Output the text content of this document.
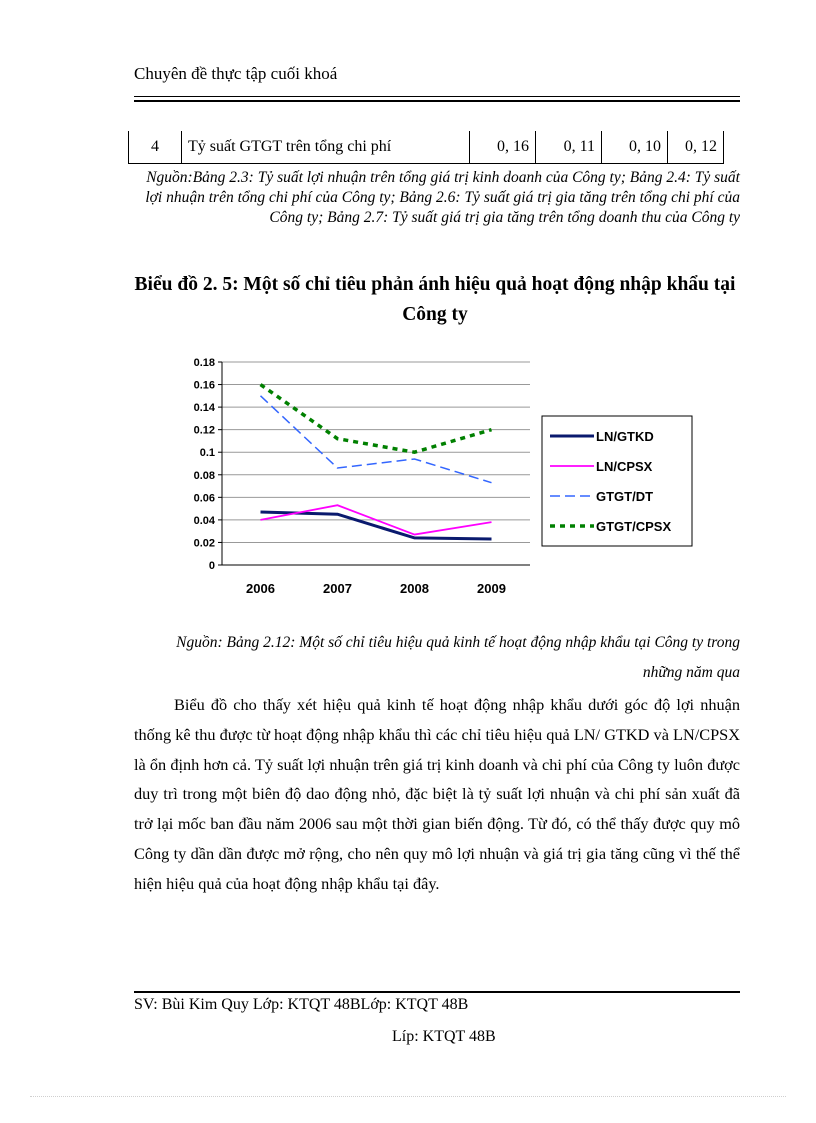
Chuyên đề thực tập cuối khoá
4	Tỷ suất GTGT trên tổng chi phí	0, 16	0, 11	0, 10	0, 12
Nguồn:Bảng 2.3: Tỷ suất lợi nhuận trên tổng giá trị kinh doanh của Công ty; Bảng 2.4: Tỷ suất lợi nhuận trên tổng chi phí của Công ty; Bảng 2.6: Tỷ suất giá trị gia tăng trên tổng chi phí của Công ty; Bảng 2.7: Tỷ suất giá trị gia tăng trên tổng doanh thu của Công ty
Biểu đồ 2. 5: Một số chỉ tiêu phản ánh hiệu quả hoạt động nhập khẩu tại Công ty
0
0.02
0.04
0.06
0.08
0.1
0.12
0.14
0.16
0.18
2006	2007	2008	2009
LN/GTKD
LN/CPSX
GTGT/DT
GTGT/CPSX
Nguồn: Bảng 2.12: Một số chỉ tiêu hiệu quả kinh tế hoạt động nhập khẩu tại Công ty trong những năm qua

Biểu đồ cho thấy xét hiệu quả kinh tế hoạt động nhập khẩu dưới góc độ lợi nhuận thống kê thu được từ hoạt động nhập khẩu thì các chỉ tiêu hiệu quả LN/ GTKD và LN/CPSX là ổn định hơn cả. Tỷ suất lợi nhuận trên giá trị kinh doanh và chi phí của Công ty luôn được duy trì trong một biên độ dao động nhỏ, đặc biệt là tỷ suất lợi nhuận và chi phí sản xuất đã trở lại mốc ban đầu năm 2006 sau một thời gian biến động. Từ đó, có thể thấy được quy mô Công ty dần dần được mở rộng, cho nên quy mô lợi nhuận và giá trị gia tăng cũng vì thế thể hiện hiệu quả của hoạt động nhập khẩu tại đây.

SV: Bùi Kim Quy Lớp: KTQT 48BLớp: KTQT 48B
Líp: KTQT 48B
